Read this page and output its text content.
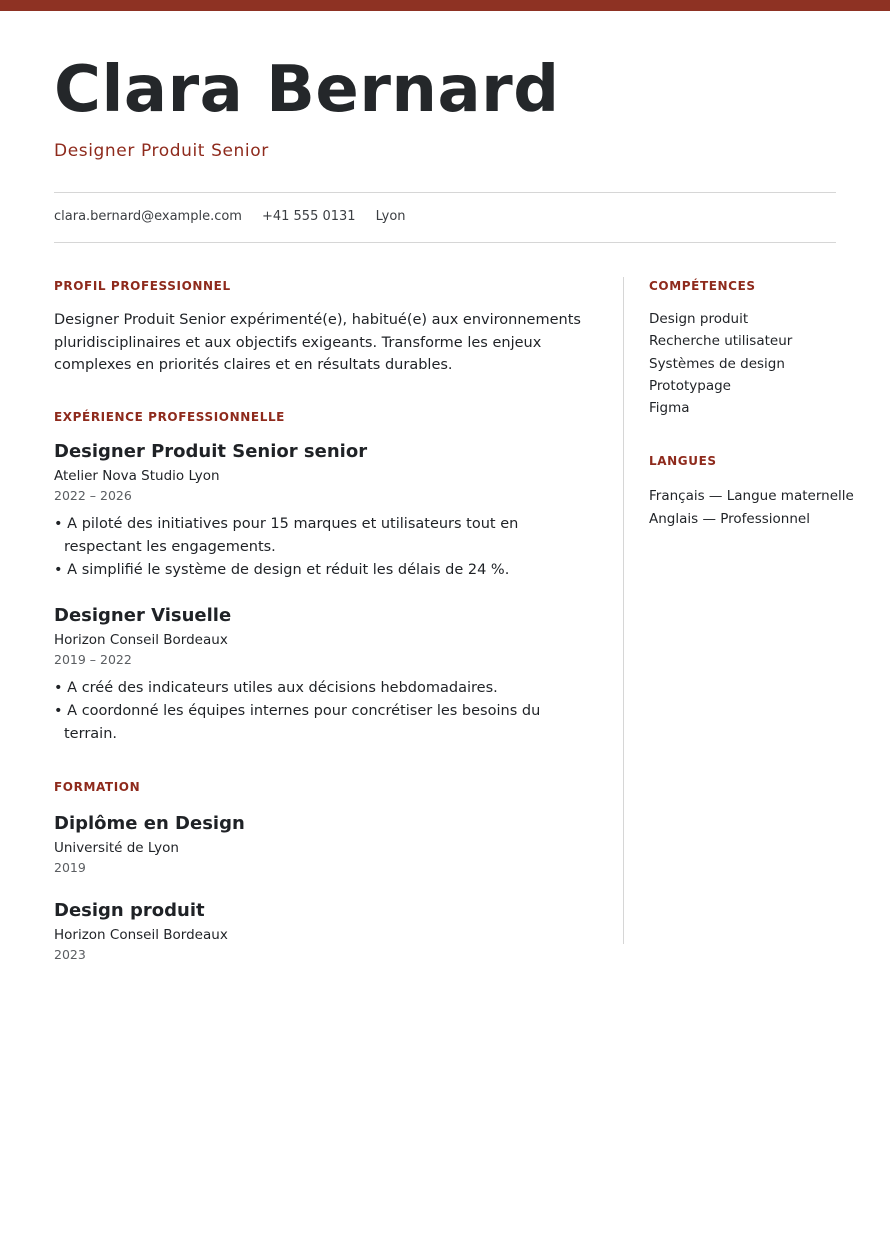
Clara Bernard
Designer Produit Senior
clara.bernard@example.com +41 555 0131 Lyon
PROFIL PROFESSIONNEL

Designer Produit Senior expérimenté(e), habitué(e) aux environnements pluridisciplinaires et aux objectifs exigeants. Transforme les enjeux complexes en priorités claires et en résultats durables.

EXPÉRIENCE PROFESSIONNELLE
Designer Produit Senior senior
Atelier Nova Studio Lyon
2022 – 2026
• A piloté des initiatives pour 15 marques et utilisateurs tout en respectant les engagements.
• A simplifié le système de design et réduit les délais de 24 %.
Designer Visuelle
Horizon Conseil Bordeaux
2019 – 2022
• A créé des indicateurs utiles aux décisions hebdomadaires.
• A coordonné les équipes internes pour concrétiser les besoins du terrain.
FORMATION
Diplôme en Design
Université de Lyon
2019
Design produit
Horizon Conseil Bordeaux
2023
COMPÉTENCES
Design produit
Recherche utilisateur
Systèmes de design
Prototypage
Figma
LANGUES
Français — Langue maternelle
Anglais — Professionnel
